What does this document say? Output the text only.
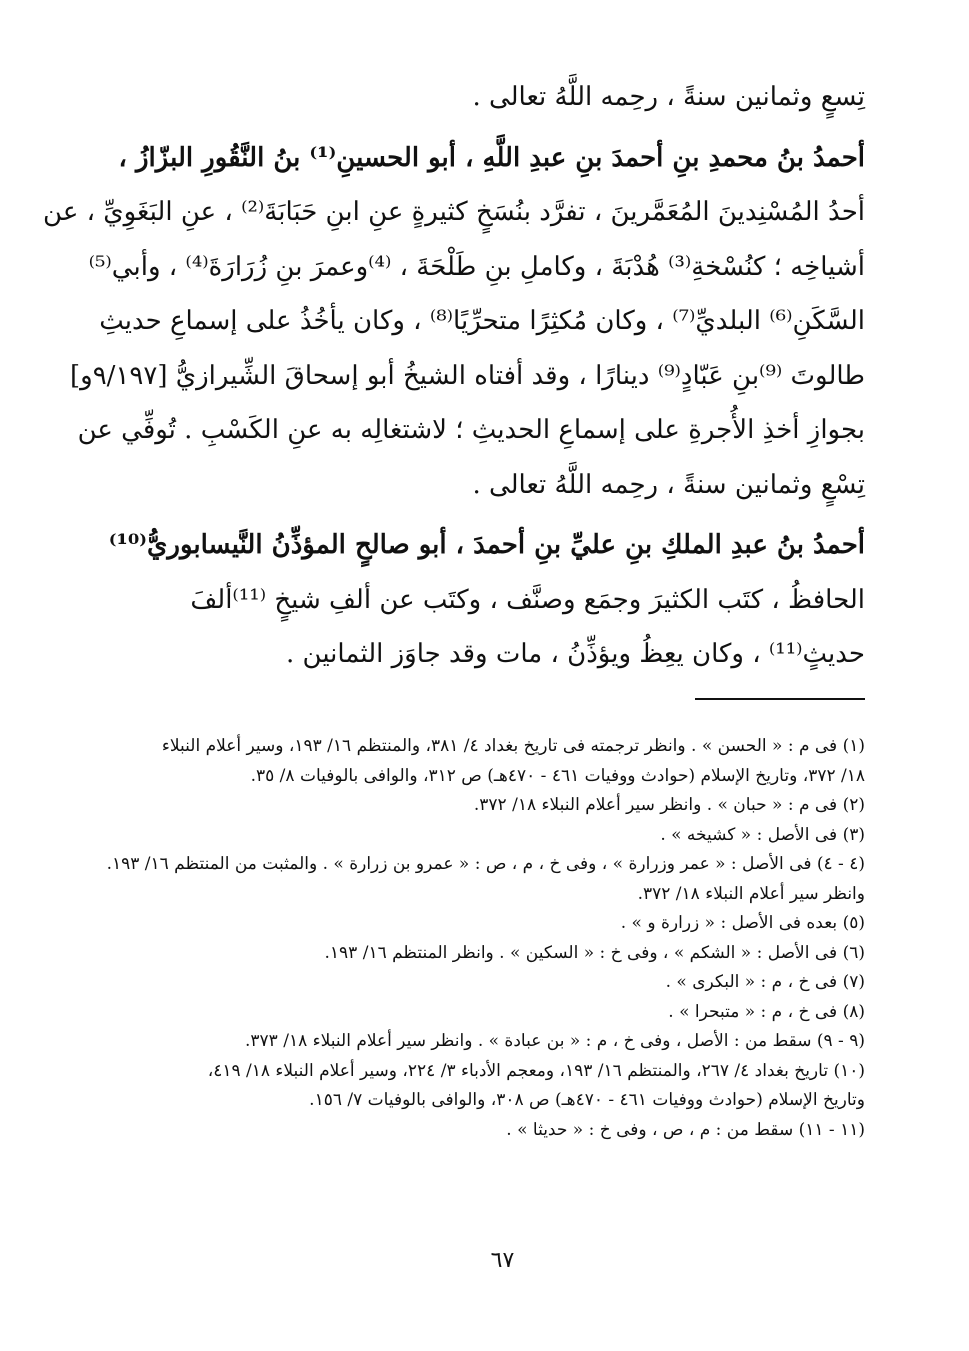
تِسعٍ وثمانين سنةً ، رحِمه اللَّهُ تعالى .
أحمدُ بنُ محمدِ بنِ أحمدَ بنِ عبدِ اللَّهِ ، أبو الحسينِ⁽¹⁾ بنُ النَّقُورِ البزّازُ ،
أحدُ المُسْنِدينَ المُعَمَّرينَ ، تفرَّد بنُسَخٍ كثيرةٍ عنِ ابنِ حَبَابَةَ⁽²⁾ ، عنِ البَغَوِيِّ ، عن
أشياخِه ؛ كنُسْخةِ⁽³⁾ هُدْبَةَ ، وكاملِ بنِ طَلْحَةَ ، ⁽⁴⁾وعمرَ بنِ زُرَارَةَ⁽⁴⁾ ، وأبي⁽⁵⁾
السَّكَنِ⁽⁶⁾ البلديِّ⁽⁷⁾ ، وكان مُكثِرًا متحرِّيًا⁽⁸⁾ ، وكان يأخُذُ على إسماعِ حديثِ
طالوتَ ⁽⁹⁾بنِ عَبّادٍ⁽⁹⁾ دينارًا ، وقد أفتاه الشيخُ أبو إسحاقَ الشِّيرازيُّ [٩/١٩٧و]
بجوازِ أخذِ الأُجرةِ على إسماعِ الحديثِ ؛ لاشتغالِه به عنِ الكَسْبِ . تُوفِّي عن
تِسْعٍ وثمانين سنةً ، رحِمه اللَّهُ تعالى .
أحمدُ بنُ عبدِ الملكِ بنِ عليِّ بنِ أحمدَ ، أبو صالحٍ المؤذِّنُ النَّيسابوريُّ⁽¹⁰⁾
الحافظُ ، كتَب الكثيرَ وجمَع وصنَّف ، وكتَب عن ألفِ شيخٍ ⁽¹¹⁾ألفَ
حديثٍ⁽¹¹⁾ ، وكان يعِظُ ويؤذِّنُ ، مات وقد جاوَز الثمانين .
(١) فى م : « الحسن » . وانظر ترجمته فى تاريخ بغداد ٤/ ٣٨١، والمنتظم ١٦/ ١٩٣، وسير أعلام النبلاء
١٨/ ٣٧٢، وتاريخ الإسلام (حوادث ووفيات ٤٦١ - ٤٧٠هـ) ص ٣١٢، والوافى بالوفيات ٨/ ٣٥.
(٢) فى م : « حبان » . وانظر سير أعلام النبلاء ١٨/ ٣٧٢.
(٣) فى الأصل : « كشيخه » .
(٤ - ٤) فى الأصل : « عمر وزرارة » ، وفى خ ، م ، ص : « عمرو بن زرارة » . والمثبت من المنتظم ١٦/ ١٩٣.
وانظر سير أعلام النبلاء ١٨/ ٣٧٢.
(٥) بعده فى الأصل : « زرارة و » .
(٦) فى الأصل : « الشكم » ، وفى خ : « السكين » . وانظر المنتظم ١٦/ ١٩٣.
(٧) فى خ ، م : « البكرى » .
(٨) فى خ ، م : « متبحرا » .
(٩ - ٩) سقط من : الأصل ، وفى خ ، م : « بن عبادة » . وانظر سير أعلام النبلاء ١٨/ ٣٧٣.
(١٠) تاريخ بغداد ٤/ ٢٦٧، والمنتظم ١٦/ ١٩٣، ومعجم الأدباء ٣/ ٢٢٤، وسير أعلام النبلاء ١٨/ ٤١٩،
وتاريخ الإسلام (حوادث ووفيات ٤٦١ - ٤٧٠هـ) ص ٣٠٨، والوافى بالوفيات ٧/ ١٥٦.
(١١ - ١١) سقط من : م ، ص ، وفى خ : « حديثا » .
٦٧
